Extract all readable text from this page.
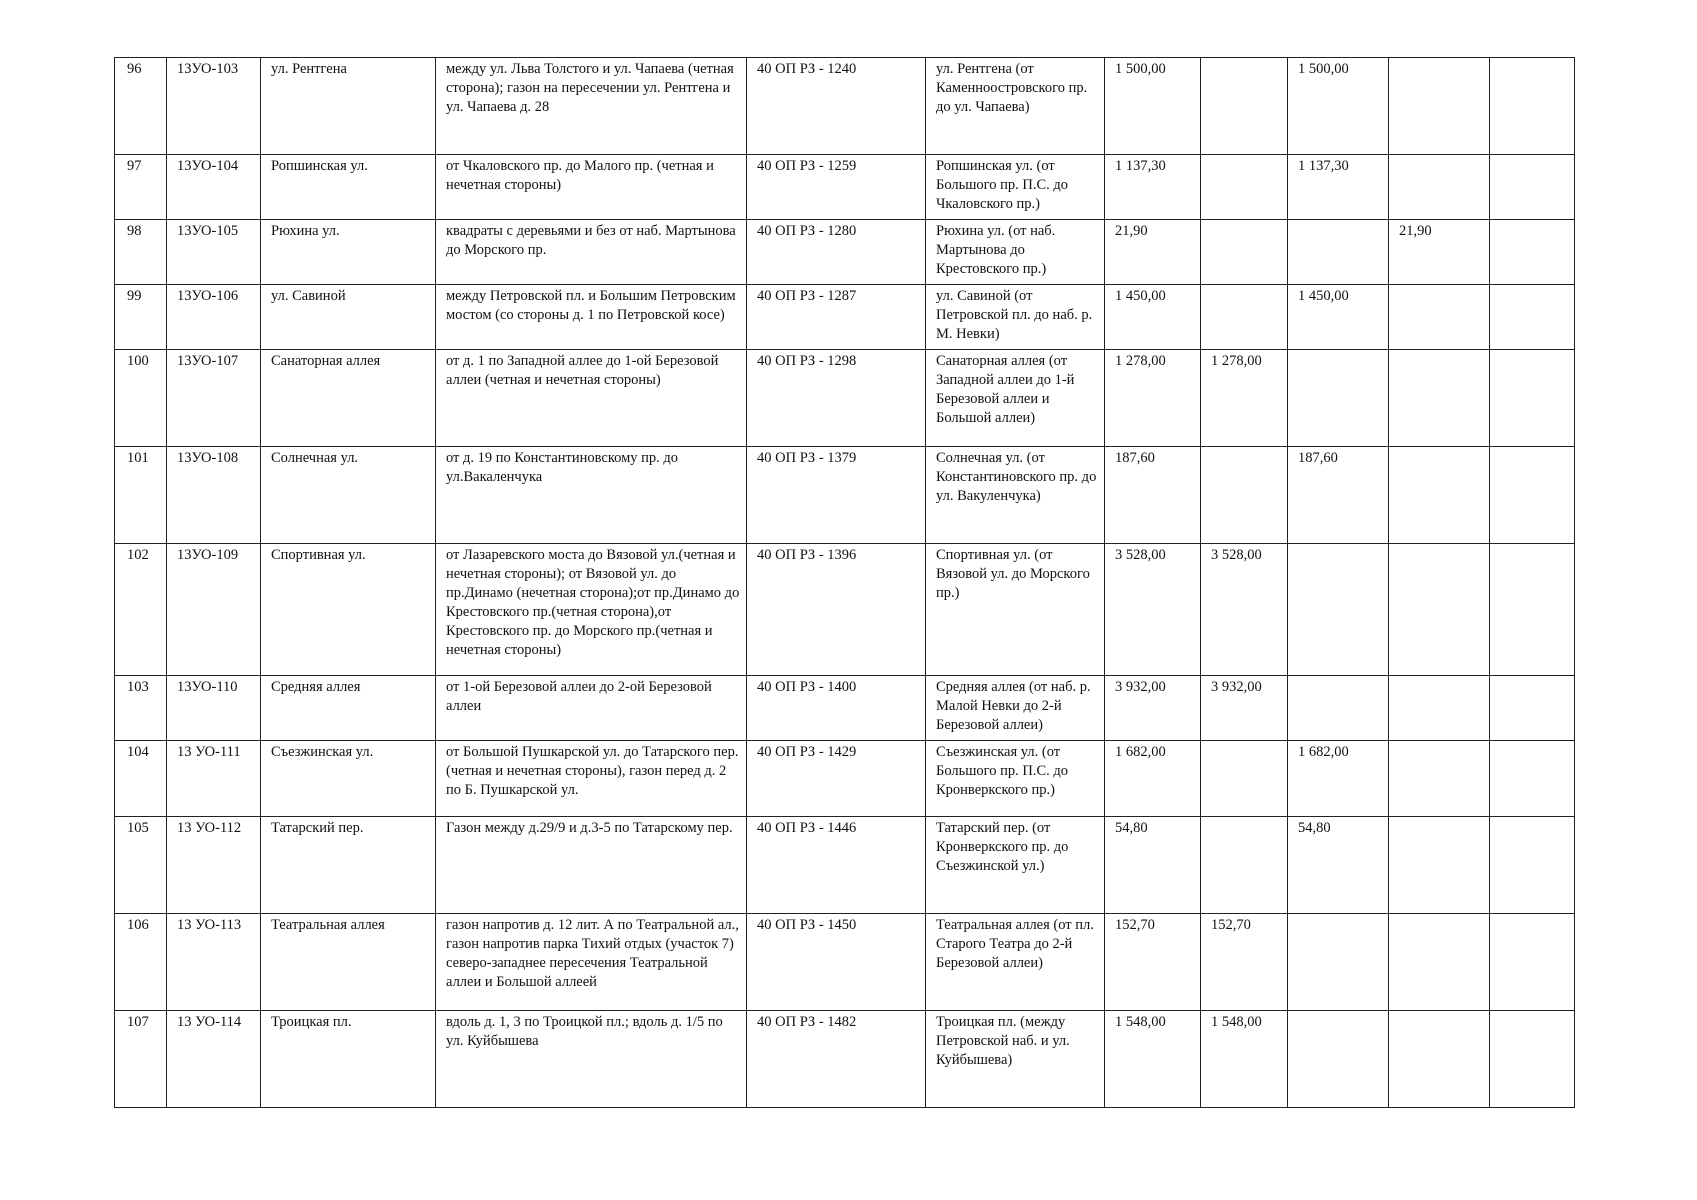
96	13УО-103	ул. Рентгена	между ул. Льва Толстого и ул. Чапаева (четная сторона); газон на пересечении ул. Рентгена и ул. Чапаева д. 28	40 ОП РЗ - 1240	ул. Рентгена (от Каменноостровского пр. до ул. Чапаева)	1 500,00		1 500,00		
97	13УО-104	Ропшинская ул.	от Чкаловского пр. до Малого пр. (четная и нечетная стороны)	40 ОП РЗ - 1259	Ропшинская ул. (от Большого пр. П.С. до Чкаловского пр.)	1 137,30		1 137,30		
98	13УО-105	Рюхина ул.	квадраты с деревьями и без от наб. Мартынова до Морского пр.	40 ОП РЗ - 1280	Рюхина ул. (от наб. Мартынова до Крестовского пр.)	21,90			21,90	
99	13УО-106	ул. Савиной	между Петровской пл. и Большим Петровским мостом (со стороны д. 1 по Петровской косе)	40 ОП РЗ - 1287	ул. Савиной (от Петровской пл. до наб. р. М. Невки)	1 450,00		1 450,00		
100	13УО-107	Санаторная аллея	от д. 1 по Западной аллее до 1-ой Березовой аллеи (четная и нечетная стороны)	40 ОП РЗ - 1298	Санаторная аллея (от Западной аллеи до 1-й Березовой аллеи и Большой аллеи)	1 278,00	1 278,00			
101	13УО-108	Солнечная ул.	от д. 19 по Константиновскому пр. до ул.Вакаленчука	40 ОП РЗ - 1379	Солнечная ул. (от Константиновского пр. до ул. Вакуленчука)	187,60		187,60		
102	13УО-109	Спортивная ул.	от Лазаревского моста до Вязовой ул.(четная и нечетная стороны); от Вязовой ул. до пр.Динамо (нечетная сторона);от пр.Динамо до Крестовского пр.(четная сторона),от Крестовского пр. до Морского пр.(четная и нечетная стороны)	40 ОП РЗ - 1396	Спортивная ул. (от Вязовой ул. до Морского пр.)	3 528,00	3 528,00			
103	13УО-110	Средняя аллея	от 1-ой Березовой аллеи до 2-ой Березовой аллеи	40 ОП РЗ - 1400	Средняя аллея (от наб. р. Малой Невки до 2-й Березовой аллеи)	3 932,00	3 932,00			
104	13 УО-111	Съезжинская ул.	от Большой Пушкарской ул. до Татарского пер. (четная и нечетная стороны), газон перед д. 2 по Б. Пушкарской ул.	40 ОП РЗ - 1429	Съезжинская ул. (от Большого пр. П.С. до Кронверкского пр.)	1 682,00		1 682,00		
105	13 УО-112	Татарский пер.	Газон между д.29/9 и д.3-5 по Татарскому пер.	40 ОП РЗ - 1446	Татарский пер. (от Кронверкского пр. до Съезжинской ул.)	54,80		54,80		
106	13 УО-113	Театральная аллея	газон напротив д. 12 лит. А по Театральной ал., газон напротив парка Тихий отдых (участок 7) северо-западнее пересечения Театральной аллеи и Большой аллеей	40 ОП РЗ - 1450	Театральная аллея (от пл. Старого Театра до 2-й Березовой аллеи)	152,70	152,70			
107	13 УО-114	Троицкая пл.	вдоль д. 1, 3 по Троицкой пл.; вдоль д. 1/5 по ул. Куйбышева	40 ОП РЗ - 1482	Троицкая пл. (между Петровской наб. и ул. Куйбышева)	1 548,00	1 548,00			
